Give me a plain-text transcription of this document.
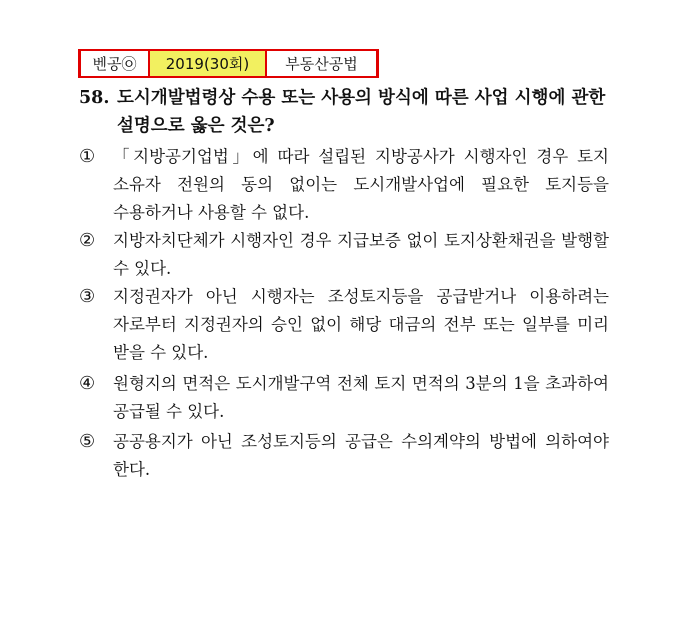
벤공㉧	2019(30회)	부동산공법
58. 도시개발법령상 수용 또는 사용의 방식에 따른 사업 시행에 관한 설명으로 옳은 것은?
①	「지방공기업법」에 따라 설립된 지방공사가 시행자인 경우 토지 소유자 전원의 동의 없이는 도시개발사업에 필요한 토지등을 수용하거나 사용할 수 없다.
②	지방자치단체가 시행자인 경우 지급보증 없이 토지상환채권을 발행할 수 있다.
③	지정권자가 아닌 시행자는 조성토지등을 공급받거나 이용하려는 자로부터 지정권자의 승인 없이 해당 대금의 전부 또는 일부를 미리 받을 수 있다.
④	원형지의 면적은 도시개발구역 전체 토지 면적의 3분의 1을 초과하여 공급될 수 있다.
⑤	공공용지가 아닌 조성토지등의 공급은 수의계약의 방법에 의하여야 한다.
